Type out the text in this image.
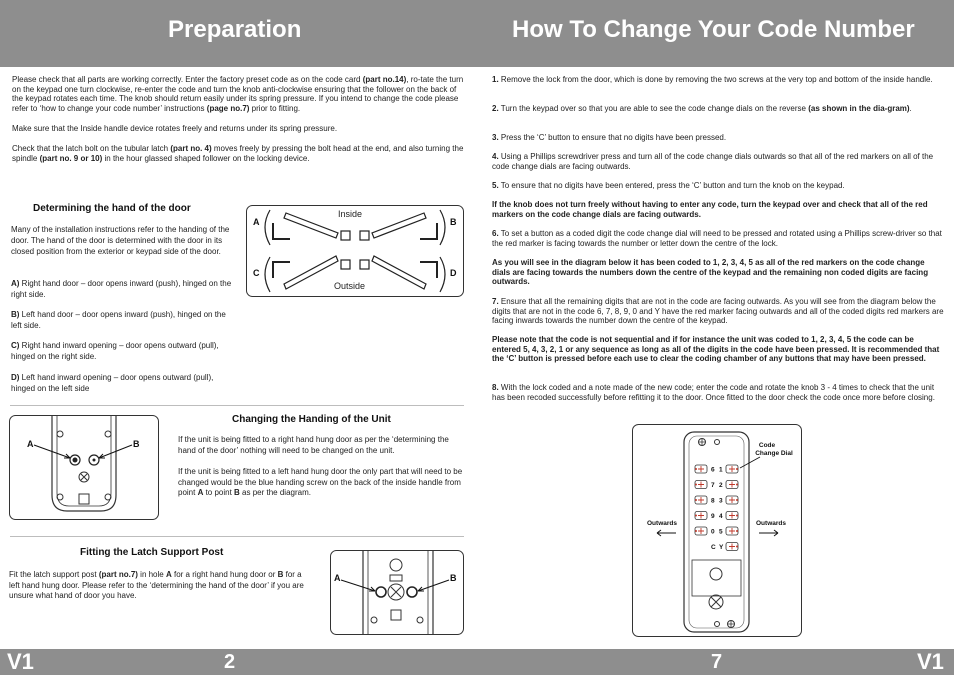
Preparation	How To Change Your Code Number
Please check that all parts are working correctly. Enter the factory preset code as on the code card (part no.14), ro-tate the turn on the keypad one turn clockwise, re-enter the code and turn the knob anti-clockwise ensuring that the follower on the back of the keypad rotates each time. The knob should return easily under its spring pressure. If you intend to change the code please refer to ‘how to change your code number’ instructions (page no.7) prior to fitting.
Make sure that the Inside handle device rotates freely and returns under its spring pressure.
Check that the latch bolt on the tubular latch (part no. 4) moves freely by pressing the bolt head at the end, and also turning the spindle (part no. 9 or 10) in the hour glassed shaped follower on the locking device.
Determining the hand of the door
Many of the installation instructions refer to the handing of the door. The hand of the door is determined with the door in its closed position from the exterior or keypad side of the door.
A) Right hand door – door opens inward (push), hinged on the right side.
B) Left hand door – door opens inward (push), hinged on the left side.
C) Right hand inward opening – door opens outward (pull), hinged on the right side.
D) Left hand inward opening – door opens outward (pull), hinged on the left side
Inside
Outside
A	B
C	D
A	B
Changing the Handing of the Unit
If the unit is being fitted to a right hand hung door as per the ‘determining the hand of the door’ nothing will need to be changed on the unit.
If the unit is being fitted to a left hand hung door the only part that will need to be changed would be the blue handing screw on the back of the inside handle from point A to point B as per the diagram.
Fitting the Latch Support Post
Fit the latch support post (part no.7) in hole A for a right hand hung door or B for a left hand hung door. Please refer to the ‘determining the hand of the door’ if you are unsure what hand of door you have.
A	B
1. Remove the lock from the door, which is done by removing the two screws at the very top and bottom of the inside handle.
2. Turn the keypad over so that you are able to see the code change dials on the reverse (as shown in the dia-gram).
3. Press the ‘C’ button to ensure that no digits have been pressed.
4. Using a Phillips screwdriver press and turn all of the code change dials outwards so that all of the red markers on all of the code change dials are facing outwards.
5. To ensure that no digits have been entered, press the ‘C’ button and turn the knob on the keypad.
If the knob does not turn freely without having to enter any code, turn the keypad over and check that all of the red markers on the code change dials are facing outwards.
6. To set a button as a coded digit the code change dial will need to be pressed and rotated using a Phillips screw-driver so that the red marker is facing towards the number or letter down the centre of the lock.
As you will see in the diagram below it has been coded to 1, 2, 3, 4, 5 as all of the red markers on the code change dials are facing towards the numbers down the centre of the keypad and the remaining non coded digits are facing outwards.
7. Ensure that all the remaining digits that are not in the code are facing outwards. As you will see from the diagram below the digits that are not in the code 6, 7, 8, 9, 0 and Y have the red marker facing outwards and all of the coded digits red markers are facing inwards towards the number down the centre of the keypad.
Please note that the code is not sequential and if for instance the unit was coded to 1, 2, 3, 4, 5 the code can be entered 5, 4, 3, 2, 1 or any sequence as long as all of the digits in the code have been pressed. It is recommended that the ‘C’ button is pressed before each use to clear the coding chamber of any buttons that may have been pressed.
8. With the lock coded and a note made of the new code; enter the code and rotate the knob 3 - 4 times to check that the unit has been recoded successfully before refitting it to the door. Once fitted to the door check the code once more before closing.
6 1
7 2
8 3
9 4
0 5
C Y
Code
Change Dial
Outwards	Outwards
V1	2	7	V1
